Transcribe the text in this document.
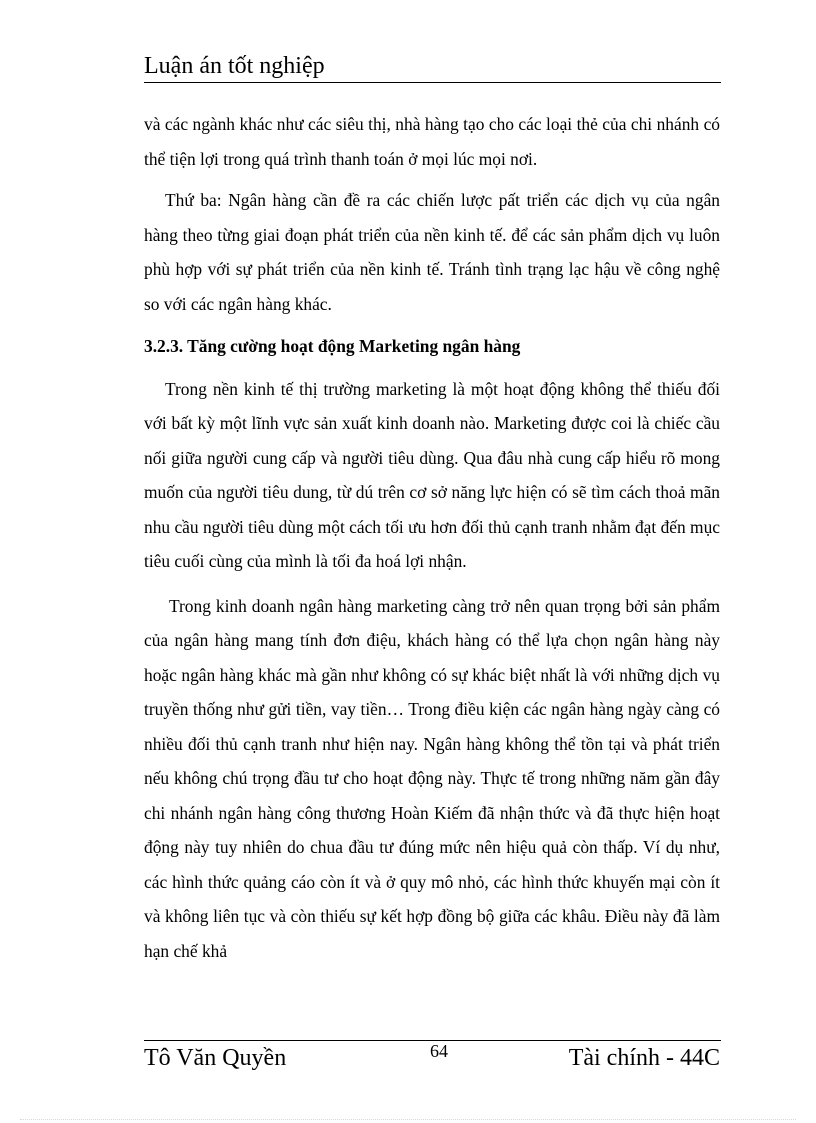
Luận án tốt nghiệp

và các ngành khác như các siêu thị, nhà hàng tạo cho các loại thẻ của chi nhánh có thể tiện lợi trong quá trình thanh toán ở mọi lúc mọi nơi.

Thứ ba: Ngân hàng cần đề ra các chiến lược pất triển các dịch vụ của ngân hàng theo từng giai đoạn phát triển của nền kinh tế. để các sản phẩm dịch vụ luôn phù hợp với sự phát triển của nền kinh tế. Tránh tình trạng lạc hậu về công nghệ so với các ngân hàng khác.

3.2.3. Tăng cường hoạt động Marketing ngân hàng

Trong nền kinh tế thị trường marketing là một hoạt động không thể thiếu đối với bất kỳ một lĩnh vực sản xuất kinh doanh nào. Marketing được coi là chiếc cầu nối giữa người cung cấp và người tiêu dùng. Qua đâu nhà cung cấp hiểu rõ mong muốn của người tiêu dung, từ dú trên cơ sở năng lực hiện có sẽ tìm cách thoả mãn nhu cầu người tiêu dùng một cách tối ưu hơn đối thủ cạnh tranh nhằm đạt đến mục tiêu cuối cùng của mình là tối đa hoá lợi nhận.

Trong kinh doanh ngân hàng marketing càng trở nên quan trọng bởi sản phẩm của ngân hàng mang tính đơn điệu, khách hàng có thể lựa chọn ngân hàng này hoặc ngân hàng khác mà gần như không có sự khác biệt nhất là với những dịch vụ truyền thống như gửi tiền, vay tiền… Trong điều kiện các ngân hàng ngày càng có nhiều đối thủ cạnh tranh như hiện nay. Ngân hàng không thể tồn tại và phát triển nếu không chú trọng đầu tư cho hoạt động này. Thực tế trong những năm gần đây chi nhánh ngân hàng công thương Hoàn Kiếm đã nhận thức và đã thực hiện hoạt động này tuy nhiên do chua đầu tư đúng mức nên hiệu quả còn thấp. Ví dụ như, các hình thức quảng cáo còn ít và ở quy mô nhỏ, các hình thức khuyến mại còn ít và không liên tục và còn thiếu sự kết hợp đồng bộ giữa các khâu. Điều này đã làm hạn chế khả

Tô Văn Quyền	64	Tài chính - 44C
